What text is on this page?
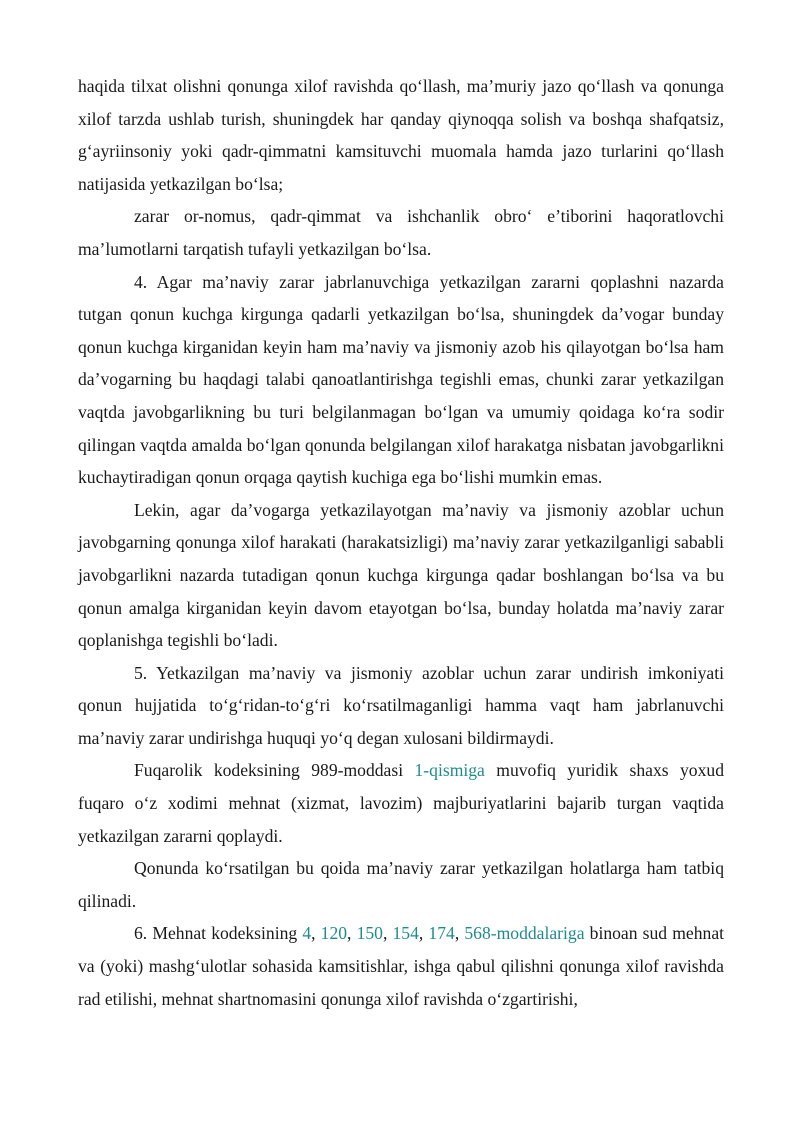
haqida tilxat olishni qonunga xilof ravishda qo‘llash, ma’muriy jazo qo‘llash va qonunga xilof tarzda ushlab turish, shuningdek har qanday qiynoqqa solish va boshqa shafqatsiz, g‘ayriinsoniy yoki qadr-qimmatni kamsituvchi muomala hamda jazo turlarini qo‘llash natijasida yetkazilgan bo‘lsa;

zarar or-nomus, qadr-qimmat va ishchanlik obro‘ e’tiborini haqoratlovchi ma’lumotlarni tarqatish tufayli yetkazilgan bo‘lsa.

4. Agar ma’naviy zarar jabrlanuvchiga yetkazilgan zararni qoplashni nazarda tutgan qonun kuchga kirgunga qadarli yetkazilgan bo‘lsa, shuningdek da’vogar bunday qonun kuchga kirganidan keyin ham ma’naviy va jismoniy azob his qilayotgan bo‘lsa ham da’vogarning bu haqdagi talabi qanoatlantirishga tegishli emas, chunki zarar yetkazilgan vaqtda javobgarlikning bu turi belgilanmagan bo‘lgan va umumiy qoidaga ko‘ra sodir qilingan vaqtda amalda bo‘lgan qonunda belgilangan xilof harakatga nisbatan javobgarlikni kuchaytiradigan qonun orqaga qaytish kuchiga ega bo‘lishi mumkin emas.

Lekin, agar da’vogarga yetkazilayotgan ma’naviy va jismoniy azoblar uchun javobgarning qonunga xilof harakati (harakatsizligi) ma’naviy zarar yetkazilganligi sababli javobgarlikni nazarda tutadigan qonun kuchga kirgunga qadar boshlangan bo‘lsa va bu qonun amalga kirganidan keyin davom etayotgan bo‘lsa, bunday holatda ma’naviy zarar qoplanishga tegishli bo‘ladi.

5. Yetkazilgan ma’naviy va jismoniy azoblar uchun zarar undirish imkoniyati qonun hujjatida to‘g‘ridan-to‘g‘ri ko‘rsatilmaganligi hamma vaqt ham jabrlanuvchi ma’naviy zarar undirishga huquqi yo‘q degan xulosani bildirmaydi.

Fuqarolik kodeksining 989-moddasi 1-qismiga muvofiq yuridik shaxs yoxud fuqaro o‘z xodimi mehnat (xizmat, lavozim) majburiyatlarini bajarib turgan vaqtida yetkazilgan zararni qoplaydi.

Qonunda ko‘rsatilgan bu qoida ma’naviy zarar yetkazilgan holatlarga ham tatbiq qilinadi.

6. Mehnat kodeksining 4, 120, 150, 154, 174, 568-moddalariga binoan sud mehnat va (yoki) mashg‘ulotlar sohasida kamsitishlar, ishga qabul qilishni qonunga xilof ravishda rad etilishi, mehnat shartnomasini qonunga xilof ravishda o‘zgartirishi,
